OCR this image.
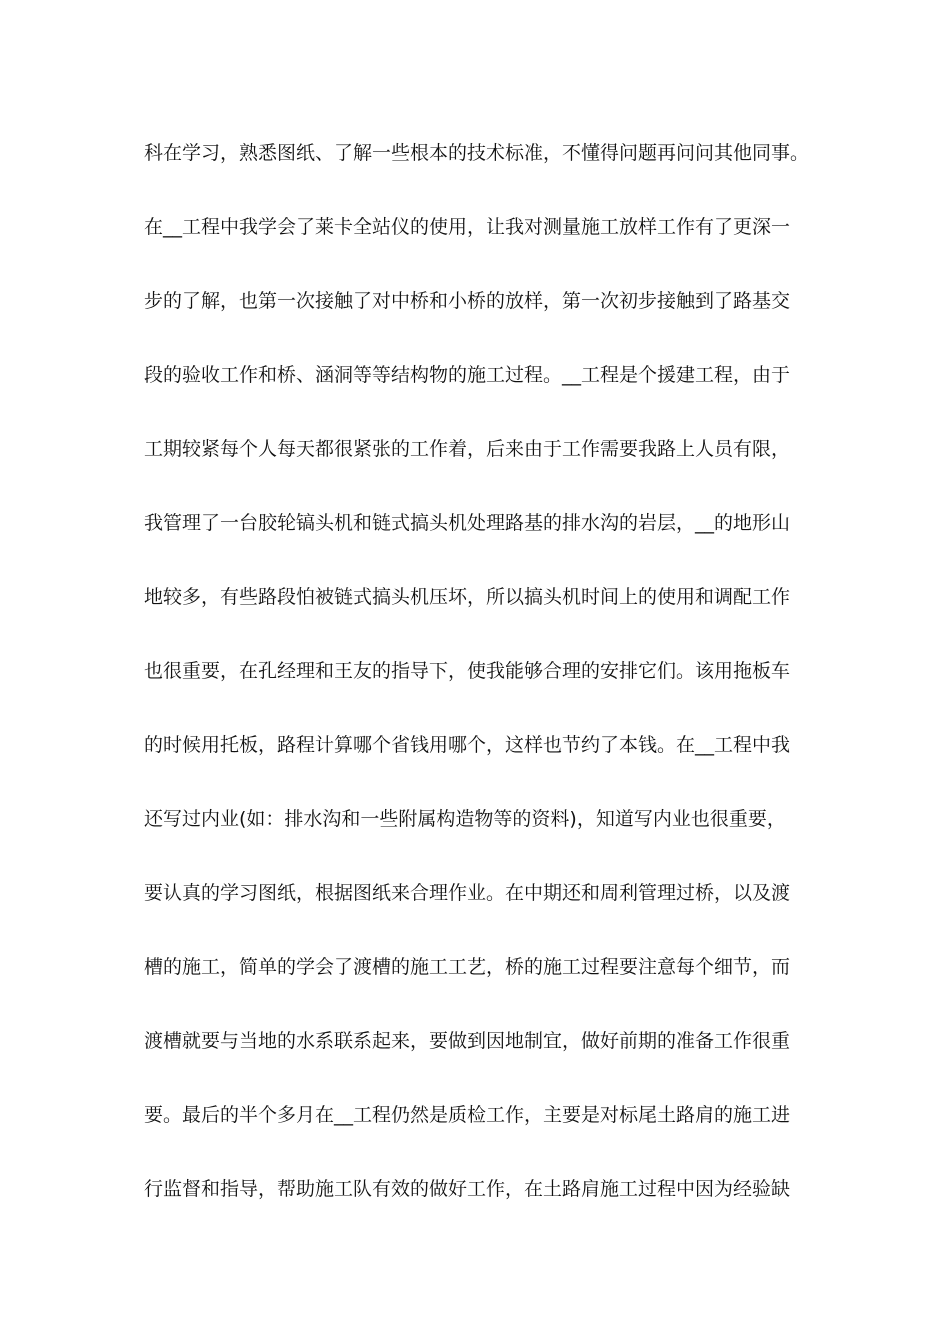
科在学习，熟悉图纸、了解一些根本的技术标准，不懂得问题再问问其他同事。
在__工程中我学会了莱卡全站仪的使用，让我对测量施工放样工作有了更深一
步的了解，也第一次接触了对中桥和小桥的放样，第一次初步接触到了路基交
段的验收工作和桥、涵洞等等结构物的施工过程。__工程是个援建工程，由于
工期较紧每个人每天都很紧张的工作着，后来由于工作需要我路上人员有限，
我管理了一台胶轮镐头机和链式搞头机处理路基的排水沟的岩层，__的地形山
地较多，有些路段怕被链式搞头机压坏，所以搞头机时间上的使用和调配工作
也很重要，在孔经理和王友的指导下，使我能够合理的安排它们。该用拖板车
的时候用托板，路程计算哪个省钱用哪个，这样也节约了本钱。在__工程中我
还写过内业(如：排水沟和一些附属构造物等的资料)，知道写内业也很重要，
要认真的学习图纸，根据图纸来合理作业。在中期还和周利管理过桥，以及渡
槽的施工，简单的学会了渡槽的施工工艺，桥的施工过程要注意每个细节，而
渡槽就要与当地的水系联系起来，要做到因地制宜，做好前期的准备工作很重
要。最后的半个多月在__工程仍然是质检工作，主要是对标尾土路肩的施工进
行监督和指导，帮助施工队有效的做好工作，在土路肩施工过程中因为经验缺
